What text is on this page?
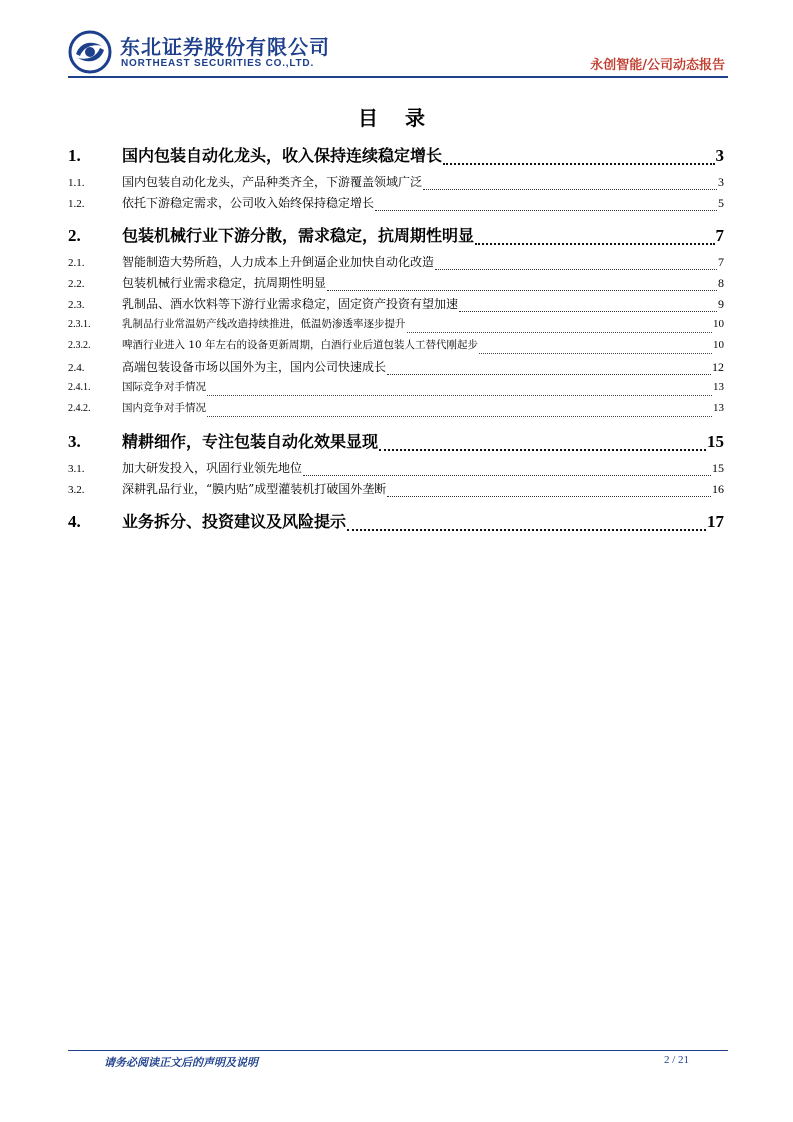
东北证券股份有限公司
NORTHEAST SECURITIES CO.,LTD.	永创智能/公司动态报告
目 录
1.	国内包装自动化龙头，收入保持连续稳定增长	3
1.1.	国内包装自动化龙头，产品种类齐全，下游覆盖领域广泛	3
1.2.	依托下游稳定需求，公司收入始终保持稳定增长	5
2.	包装机械行业下游分散，需求稳定，抗周期性明显	7
2.1.	智能制造大势所趋，人力成本上升倒逼企业加快自动化改造	7
2.2.	包装机械行业需求稳定，抗周期性明显	8
2.3.	乳制品、酒水饮料等下游行业需求稳定，固定资产投资有望加速	9
2.3.1.	乳制品行业常温奶产线改造持续推进，低温奶渗透率逐步提升	10
2.3.2.	啤酒行业进入 10 年左右的设备更新周期，白酒行业后道包装人工替代刚起步	10
2.4.	高端包装设备市场以国外为主，国内公司快速成长	12
2.4.1.	国际竞争对手情况	13
2.4.2.	国内竞争对手情况	13
3.	精耕细作，专注包装自动化效果显现	15
3.1.	加大研发投入，巩固行业领先地位	15
3.2.	深耕乳品行业，“膜内贴”成型灌装机打破国外垄断	16
4.	业务拆分、投资建议及风险提示	17
请务必阅读正文后的声明及说明	2 / 21
